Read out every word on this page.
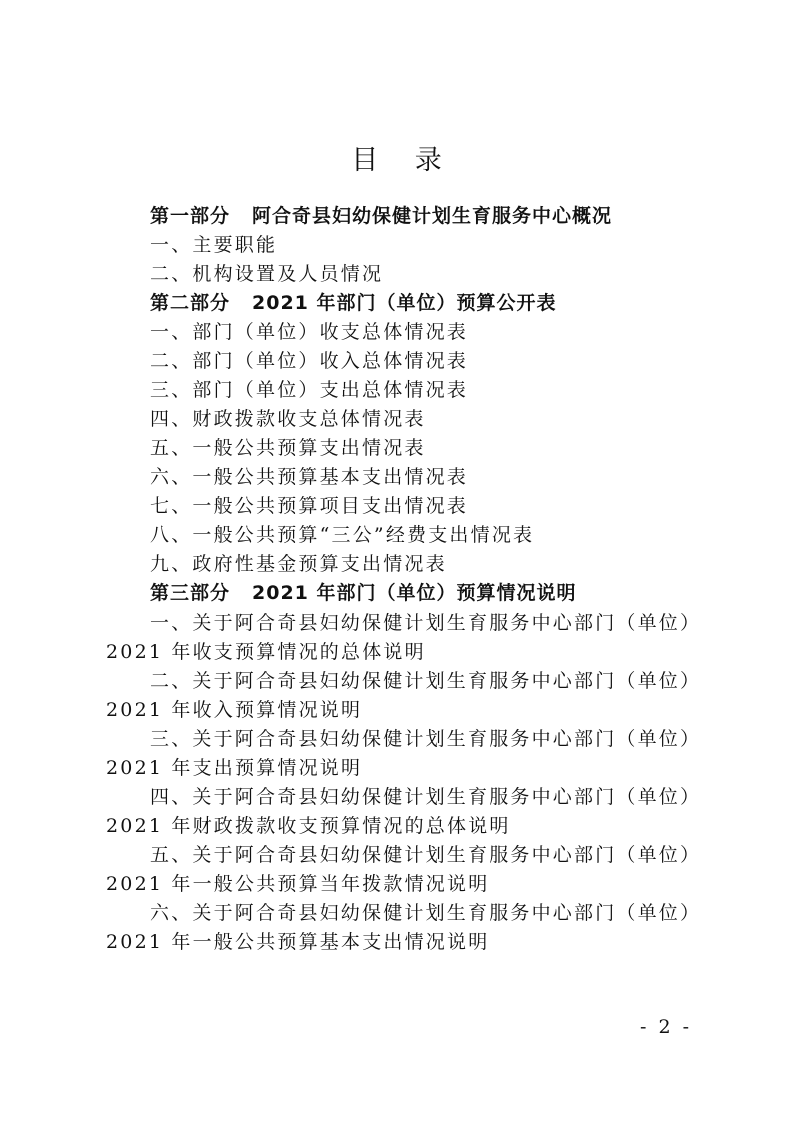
目 录
第一部分 阿合奇县妇幼保健计划生育服务中心概况
一、主要职能
二、机构设置及人员情况
第二部分 2021 年部门（单位）预算公开表
一、部门（单位）收支总体情况表
二、部门（单位）收入总体情况表
三、部门（单位）支出总体情况表
四、财政拨款收支总体情况表
五、一般公共预算支出情况表
六、一般公共预算基本支出情况表
七、一般公共预算项目支出情况表
八、一般公共预算“三公”经费支出情况表
九、政府性基金预算支出情况表
第三部分 2021 年部门（单位）预算情况说明
一、关于阿合奇县妇幼保健计划生育服务中心部门（单位）
2021 年收支预算情况的总体说明
二、关于阿合奇县妇幼保健计划生育服务中心部门（单位）
2021 年收入预算情况说明
三、关于阿合奇县妇幼保健计划生育服务中心部门（单位）
2021 年支出预算情况说明
四、关于阿合奇县妇幼保健计划生育服务中心部门（单位）
2021 年财政拨款收支预算情况的总体说明
五、关于阿合奇县妇幼保健计划生育服务中心部门（单位）
2021 年一般公共预算当年拨款情况说明
六、关于阿合奇县妇幼保健计划生育服务中心部门（单位）
2021 年一般公共预算基本支出情况说明
- 2 -
